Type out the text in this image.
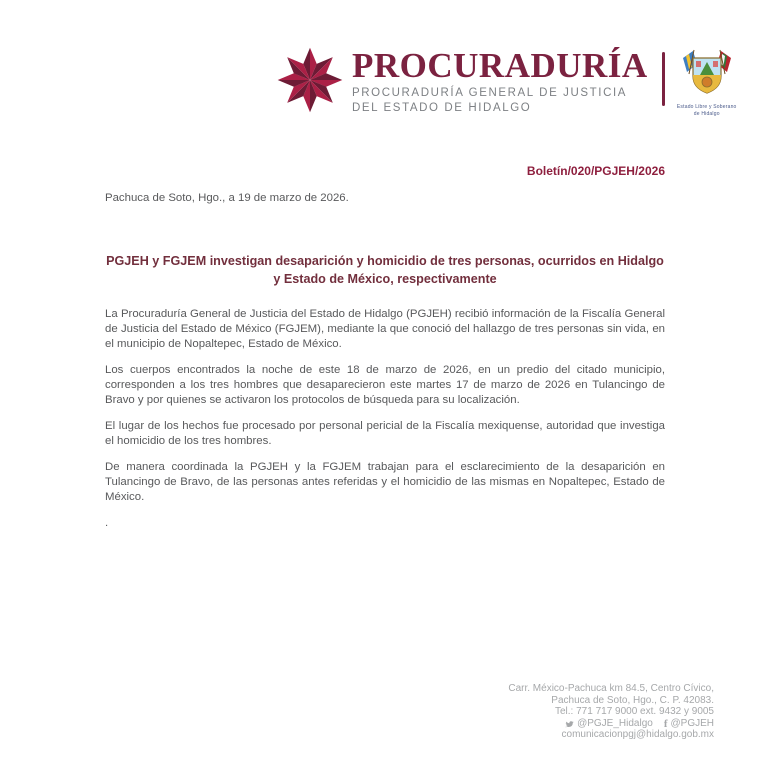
PROCURADURÍA
PROCURADURÍA GENERAL DE JUSTICIA
DEL ESTADO DE HIDALGO	Estado Libre y Soberano
de Hidalgo
Boletín/020/PGJEH/2026
Pachuca de Soto, Hgo., a 19 de marzo de 2026.
PGJEH y FGJEM investigan desaparición y homicidio de tres personas, ocurridos en Hidalgo y Estado de México, respectivamente

La Procuraduría General de Justicia del Estado de Hidalgo (PGJEH) recibió información de la Fiscalía General de Justicia del Estado de México (FGJEM), mediante la que conoció del hallazgo de tres personas sin vida, en el municipio de Nopaltepec, Estado de México.

Los cuerpos encontrados la noche de este 18 de marzo de 2026, en un predio del citado municipio, corresponden a los tres hombres que desaparecieron este martes 17 de marzo de 2026 en Tulancingo de Bravo y por quienes se activaron los protocolos de búsqueda para su localización.

El lugar de los hechos fue procesado por personal pericial de la Fiscalía mexiquense, autoridad que investiga el homicidio de los tres hombres.

De manera coordinada la PGJEH y la FGJEM trabajan para el esclarecimiento de la desaparición en Tulancingo de Bravo, de las personas antes referidas y el homicidio de las mismas en Nopaltepec, Estado de México.

.
Carr. México-Pachuca km 84.5, Centro Cívico,
Pachuca de Soto, Hgo., C. P. 42083.
Tel.: 771 717 9000 ext. 9432 y 9005
@PGJE_Hidalgo f @PGJEH
comunicacionpgj@hidalgo.gob.mx
